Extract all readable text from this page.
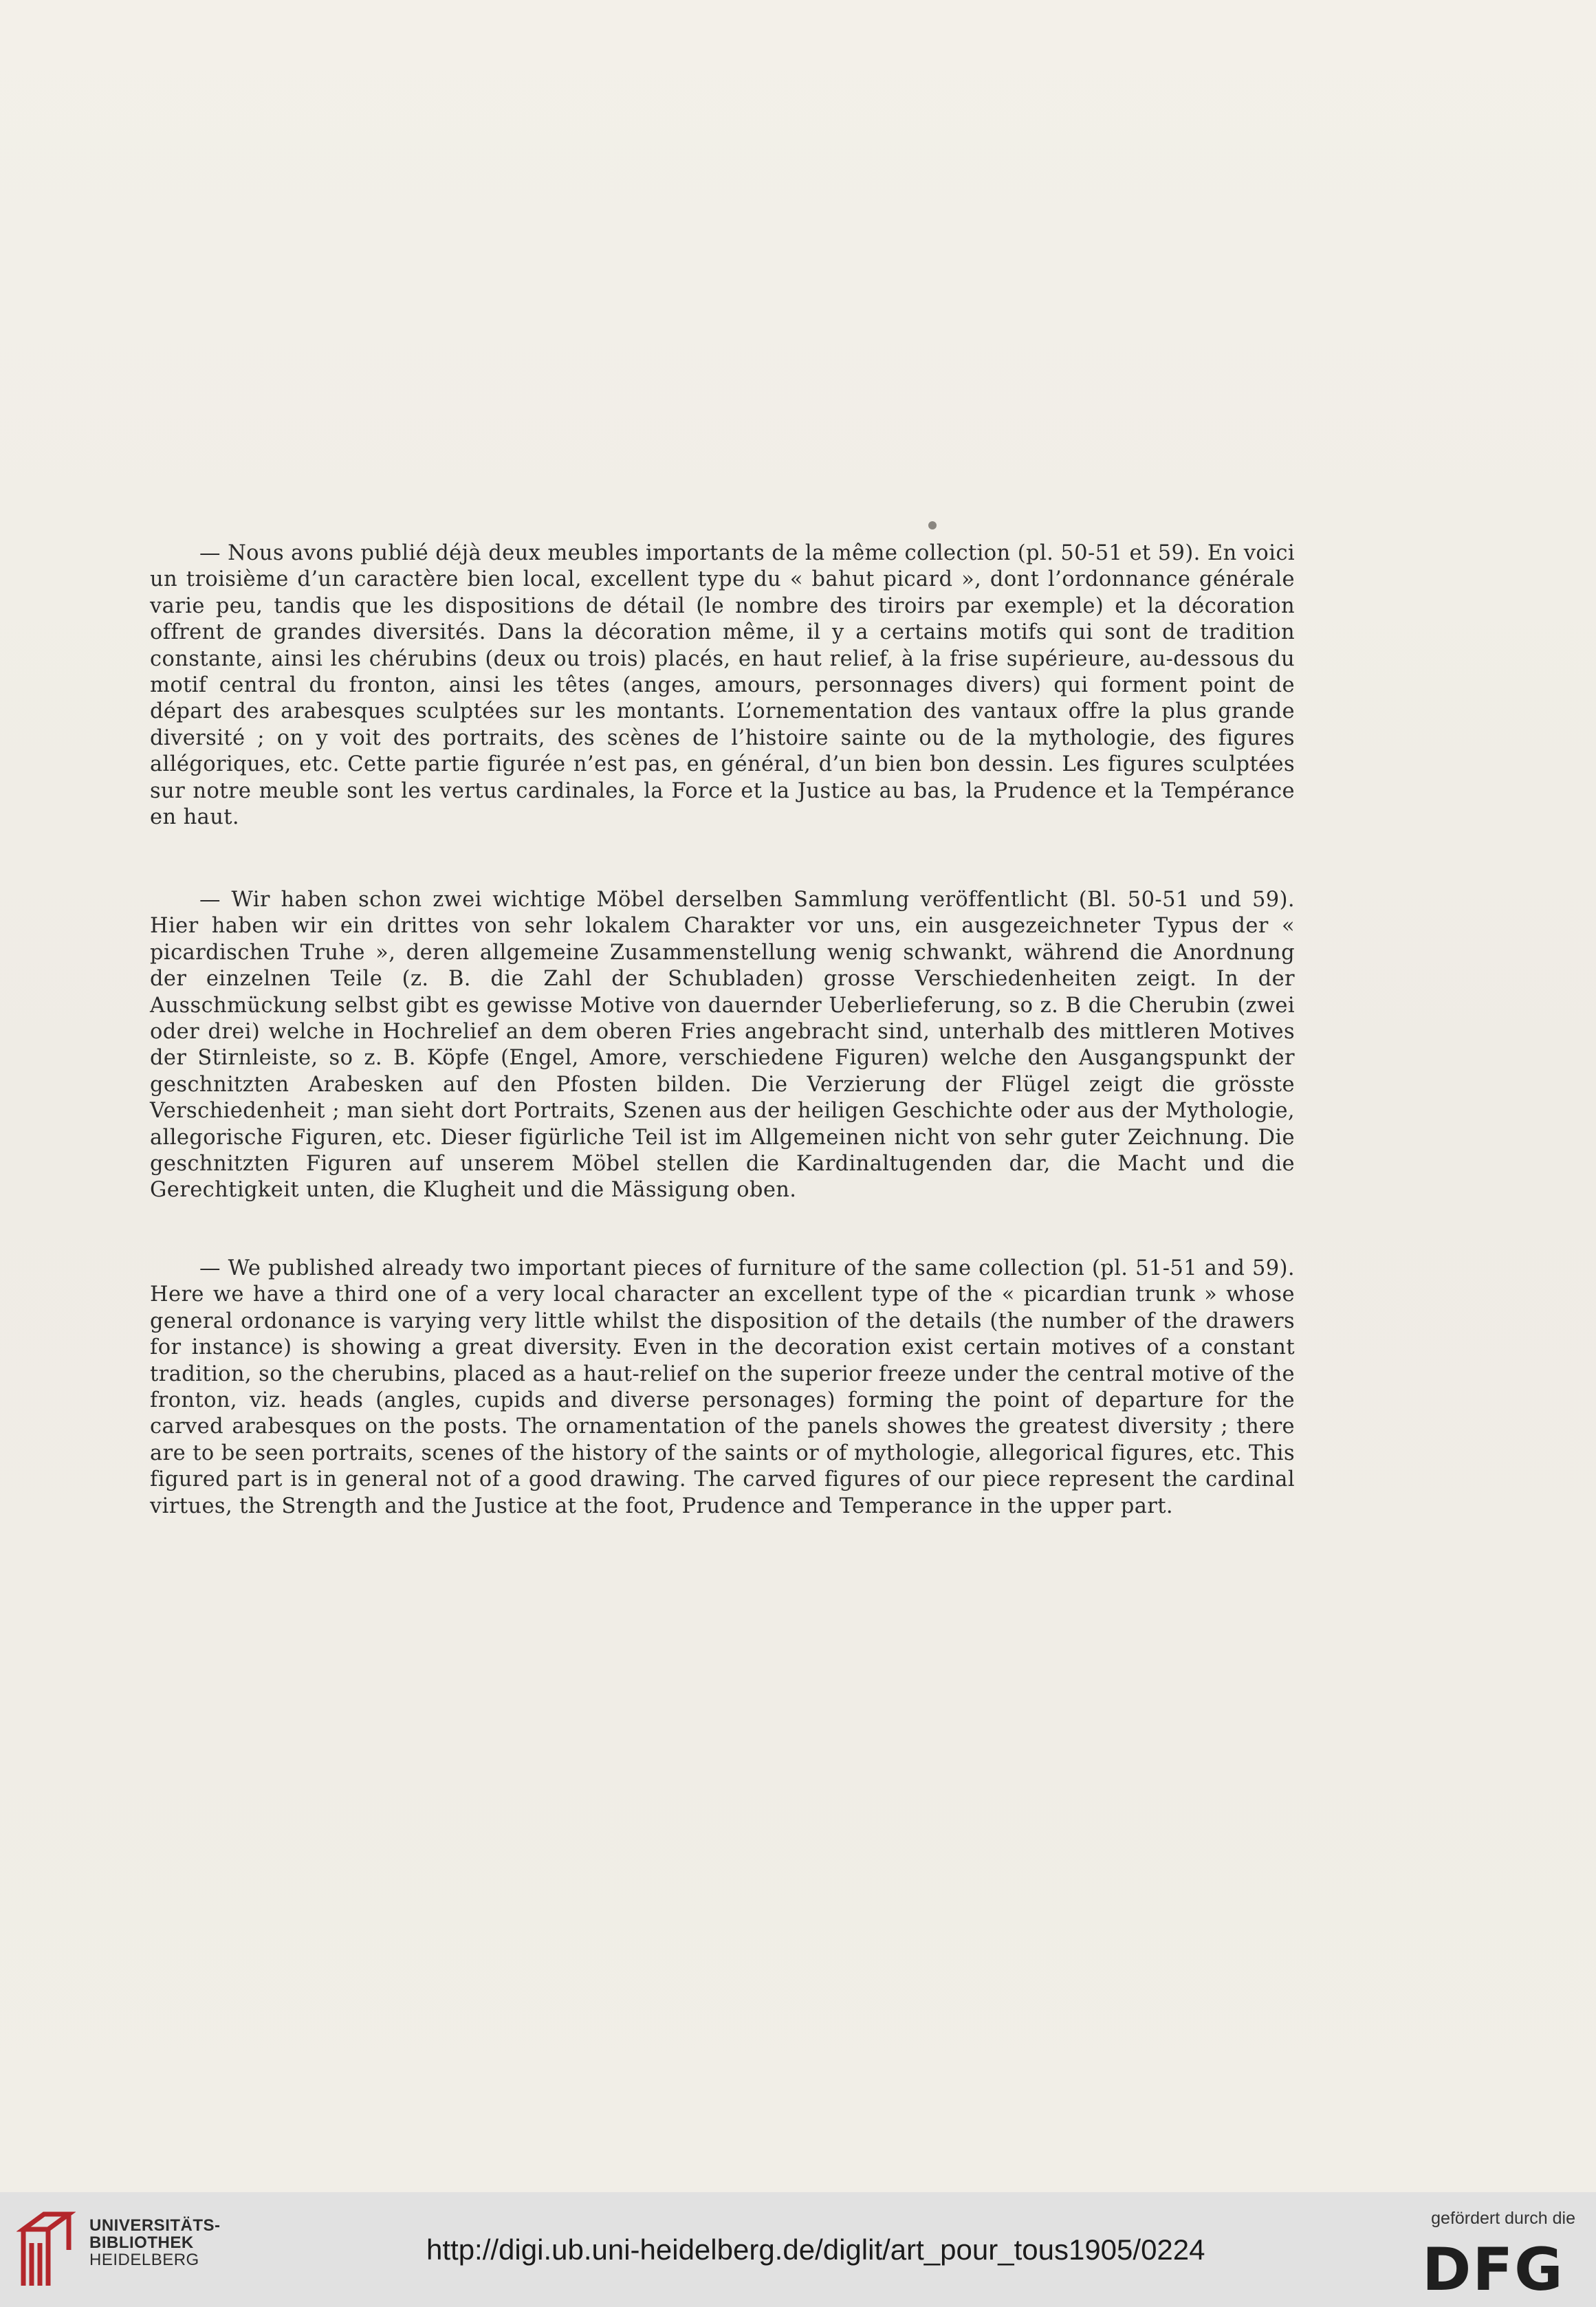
— Nous avons publié déjà deux meubles importants de la même collection (pl. 50-51 et 59). En voici un troisième d’un caractère bien local, excellent type du « bahut picard », dont l’ordonnance générale varie peu, tandis que les dispositions de détail (le nombre des tiroirs par exemple) et la décoration offrent de grandes diversités. Dans la décoration même, il y a certains motifs qui sont de tradition constante, ainsi les chérubins (deux ou trois) placés, en haut relief, à la frise supérieure, au-dessous du motif central du fronton, ainsi les têtes (anges, amours, personnages divers) qui forment point de départ des arabesques sculptées sur les montants. L’ornementation des vantaux offre la plus grande diversité ; on y voit des portraits, des scènes de l’histoire sainte ou de la mythologie, des figures allégoriques, etc. Cette partie figurée n’est pas, en général, d’un bien bon dessin. Les figures sculptées sur notre meuble sont les vertus cardinales, la Force et la Justice au bas, la Prudence et la Tempérance en haut.

— Wir haben schon zwei wichtige Möbel derselben Sammlung veröffentlicht (Bl. 50-51 und 59). Hier haben wir ein drittes von sehr lokalem Charakter vor uns, ein ausgezeichneter Typus der « picardischen Truhe », deren allgemeine Zusammenstellung wenig schwankt, während die Anordnung der einzelnen Teile (z. B. die Zahl der Schubladen) grosse Verschiedenheiten zeigt. In der Ausschmückung selbst gibt es gewisse Motive von dauernder Ueberlieferung, so z. B die Cherubin (zwei oder drei) welche in Hochrelief an dem oberen Fries angebracht sind, unterhalb des mittleren Motives der Stirnleiste, so z. B. Köpfe (Engel, Amore, verschiedene Figuren) welche den Ausgangspunkt der geschnitzten Arabesken auf den Pfosten bilden. Die Verzierung der Flügel zeigt die grösste Verschiedenheit ; man sieht dort Portraits, Szenen aus der heiligen Geschichte oder aus der Mythologie, allegorische Figuren, etc. Dieser figürliche Teil ist im Allgemeinen nicht von sehr guter Zeichnung. Die geschnitzten Figuren auf unserem Möbel stellen die Kardinaltugenden dar, die Macht und die Gerechtigkeit unten, die Klugheit und die Mässigung oben.

— We published already two important pieces of furniture of the same collection (pl. 51-51 and 59). Here we have a third one of a very local character an excellent type of the « picardian trunk » whose general ordonance is varying very little whilst the disposition of the details (the number of the drawers for instance) is showing a great diversity. Even in the decoration exist certain motives of a constant tradition, so the cherubins, placed as a haut-relief on the superior freeze under the central motive of the fronton, viz. heads (angles, cupids and diverse personages) forming the point of departure for the carved arabesques on the posts. The ornamentation of the panels showes the greatest diversity ; there are to be seen portraits, scenes of the history of the saints or of mythologie, allegorical figures, etc. This figured part is in general not of a good drawing. The carved figures of our piece represent the cardinal virtues, the Strength and the Justice at the foot, Prudence and Temperance in the upper part.

UNIVERSITÄTS-
BIBLIOTHEK
HEIDELBERG	http://digi.ub.uni-heidelberg.de/diglit/art_pour_tous1905/0224
gefördert durch die
DFG
